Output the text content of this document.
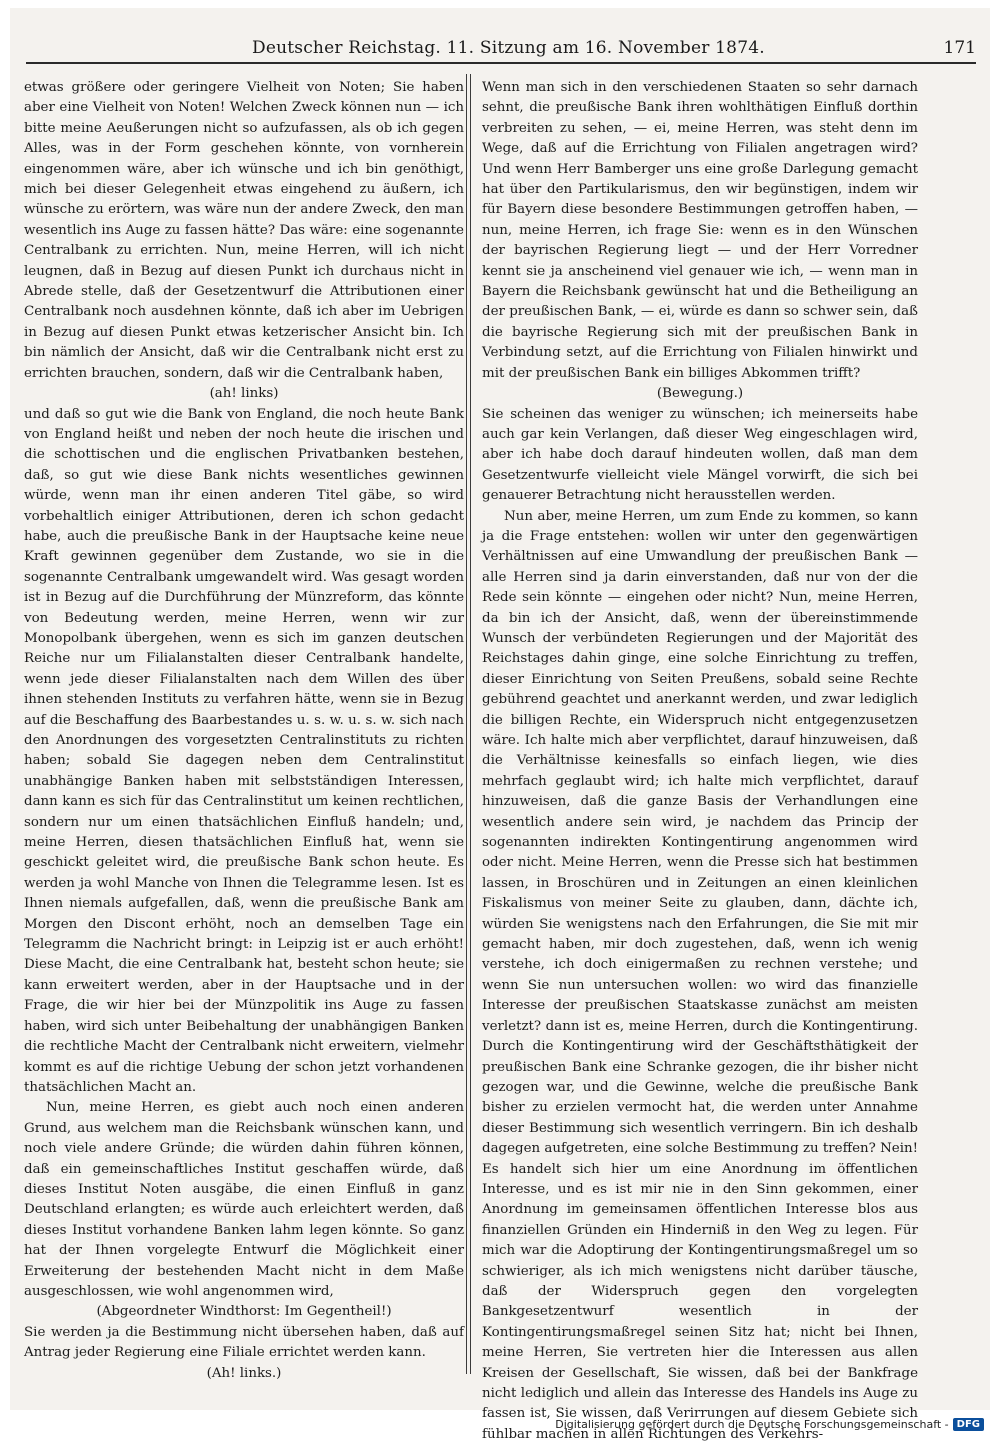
Deutscher Reichstag. 11. Sitzung am 16. November 1874.	171

etwas größere oder geringere Vielheit von Noten; Sie haben aber eine Vielheit von Noten! Welchen Zweck können nun — ich bitte meine Aeußerungen nicht so aufzufassen, als ob ich gegen Alles, was in der Form geschehen könnte, von vornherein eingenommen wäre, aber ich wünsche und ich bin genöthigt, mich bei dieser Gelegenheit etwas eingehend zu äußern, ich wünsche zu erörtern, was wäre nun der andere Zweck, den man wesentlich ins Auge zu fassen hätte? Das wäre: eine sogenannte Centralbank zu errichten. Nun, meine Herren, will ich nicht leugnen, daß in Bezug auf diesen Punkt ich durchaus nicht in Abrede stelle, daß der Gesetzentwurf die Attributionen einer Centralbank noch ausdehnen könnte, daß ich aber im Uebrigen in Bezug auf diesen Punkt etwas ketzerischer Ansicht bin. Ich bin nämlich der Ansicht, daß wir die Centralbank nicht erst zu errichten brauchen, sondern, daß wir die Centralbank haben,

(ah! links)

und daß so gut wie die Bank von England, die noch heute Bank von England heißt und neben der noch heute die irischen und die schottischen und die englischen Privatbanken bestehen, daß, so gut wie diese Bank nichts wesentliches gewinnen würde, wenn man ihr einen anderen Titel gäbe, so wird vorbehaltlich einiger Attributionen, deren ich schon gedacht habe, auch die preußische Bank in der Hauptsache keine neue Kraft gewinnen gegenüber dem Zustande, wo sie in die sogenannte Centralbank umgewandelt wird. Was gesagt worden ist in Bezug auf die Durchführung der Münzreform, das könnte von Bedeutung werden, meine Herren, wenn wir zur Monopolbank übergehen, wenn es sich im ganzen deutschen Reiche nur um Filialanstalten dieser Centralbank handelte, wenn jede dieser Filialanstalten nach dem Willen des über ihnen stehenden Instituts zu verfahren hätte, wenn sie in Bezug auf die Beschaffung des Baarbestandes u. s. w. u. s. w. sich nach den Anordnungen des vorgesetzten Centralinstituts zu richten haben; sobald Sie dagegen neben dem Centralinstitut unabhängige Banken haben mit selbstständigen Interessen, dann kann es sich für das Centralinstitut um keinen rechtlichen, sondern nur um einen thatsächlichen Einfluß handeln; und, meine Herren, diesen thatsächlichen Einfluß hat, wenn sie geschickt geleitet wird, die preußische Bank schon heute. Es werden ja wohl Manche von Ihnen die Telegramme lesen. Ist es Ihnen niemals aufgefallen, daß, wenn die preußische Bank am Morgen den Discont erhöht, noch an demselben Tage ein Telegramm die Nachricht bringt: in Leipzig ist er auch erhöht! Diese Macht, die eine Centralbank hat, besteht schon heute; sie kann erweitert werden, aber in der Hauptsache und in der Frage, die wir hier bei der Münzpolitik ins Auge zu fassen haben, wird sich unter Beibehaltung der unabhängigen Banken die rechtliche Macht der Centralbank nicht erweitern, vielmehr kommt es auf die richtige Uebung der schon jetzt vorhandenen thatsächlichen Macht an.

Nun, meine Herren, es giebt auch noch einen anderen Grund, aus welchem man die Reichsbank wünschen kann, und noch viele andere Gründe; die würden dahin führen können, daß ein gemeinschaftliches Institut geschaffen würde, daß dieses Institut Noten ausgäbe, die einen Einfluß in ganz Deutschland erlangten; es würde auch erleichtert werden, daß dieses Institut vorhandene Banken lahm legen könnte. So ganz hat der Ihnen vorgelegte Entwurf die Möglichkeit einer Erweiterung der bestehenden Macht nicht in dem Maße ausgeschlossen, wie wohl angenommen wird,

(Abgeordneter Windthorst: Im Gegentheil!)

Sie werden ja die Bestimmung nicht übersehen haben, daß auf Antrag jeder Regierung eine Filiale errichtet werden kann.

(Ah! links.)

Wenn man sich in den verschiedenen Staaten so sehr darnach sehnt, die preußische Bank ihren wohlthätigen Einfluß dorthin verbreiten zu sehen, — ei, meine Herren, was steht denn im Wege, daß auf die Errichtung von Filialen angetragen wird? Und wenn Herr Bamberger uns eine große Darlegung gemacht hat über den Partikularismus, den wir begünstigen, indem wir für Bayern diese besondere Bestimmungen getroffen haben, — nun, meine Herren, ich frage Sie: wenn es in den Wünschen der bayrischen Regierung liegt — und der Herr Vorredner kennt sie ja anscheinend viel genauer wie ich, — wenn man in Bayern die Reichsbank gewünscht hat und die Betheiligung an der preußischen Bank, — ei, würde es dann so schwer sein, daß die bayrische Regierung sich mit der preußischen Bank in Verbindung setzt, auf die Errichtung von Filialen hinwirkt und mit der preußischen Bank ein billiges Abkommen trifft?

(Bewegung.)

Sie scheinen das weniger zu wünschen; ich meinerseits habe auch gar kein Verlangen, daß dieser Weg eingeschlagen wird, aber ich habe doch darauf hindeuten wollen, daß man dem Gesetzentwurfe vielleicht viele Mängel vorwirft, die sich bei genauerer Betrachtung nicht herausstellen werden.

Nun aber, meine Herren, um zum Ende zu kommen, so kann ja die Frage entstehen: wollen wir unter den gegenwärtigen Verhältnissen auf eine Umwandlung der preußischen Bank — alle Herren sind ja darin einverstanden, daß nur von der die Rede sein könnte — eingehen oder nicht? Nun, meine Herren, da bin ich der Ansicht, daß, wenn der übereinstimmende Wunsch der verbündeten Regierungen und der Majorität des Reichstages dahin ginge, eine solche Einrichtung zu treffen, dieser Einrichtung von Seiten Preußens, sobald seine Rechte gebührend geachtet und anerkannt werden, und zwar lediglich die billigen Rechte, ein Widerspruch nicht entgegenzusetzen wäre. Ich halte mich aber verpflichtet, darauf hinzuweisen, daß die Verhältnisse keinesfalls so einfach liegen, wie dies mehrfach geglaubt wird; ich halte mich verpflichtet, darauf hinzuweisen, daß die ganze Basis der Verhandlungen eine wesentlich andere sein wird, je nachdem das Princip der sogenannten indirekten Kontingentirung angenommen wird oder nicht. Meine Herren, wenn die Presse sich hat bestimmen lassen, in Broschüren und in Zeitungen an einen kleinlichen Fiskalismus von meiner Seite zu glauben, dann, dächte ich, würden Sie wenigstens nach den Erfahrungen, die Sie mit mir gemacht haben, mir doch zugestehen, daß, wenn ich wenig verstehe, ich doch einigermaßen zu rechnen verstehe; und wenn Sie nun untersuchen wollen: wo wird das finanzielle Interesse der preußischen Staatskasse zunächst am meisten verletzt? dann ist es, meine Herren, durch die Kontingentirung. Durch die Kontingentirung wird der Geschäftsthätigkeit der preußischen Bank eine Schranke gezogen, die ihr bisher nicht gezogen war, und die Gewinne, welche die preußische Bank bisher zu erzielen vermocht hat, die werden unter Annahme dieser Bestimmung sich wesentlich verringern. Bin ich deshalb dagegen aufgetreten, eine solche Bestimmung zu treffen? Nein! Es handelt sich hier um eine Anordnung im öffentlichen Interesse, und es ist mir nie in den Sinn gekommen, einer Anordnung im gemeinsamen öffentlichen Interesse blos aus finanziellen Gründen ein Hinderniß in den Weg zu legen. Für mich war die Adoptirung der Kontingentirungsmaßregel um so schwieriger, als ich mich wenigstens nicht darüber täusche, daß der Widerspruch gegen den vorgelegten Bankgesetzentwurf wesentlich in der Kontingentirungsmaßregel seinen Sitz hat; nicht bei Ihnen, meine Herren, Sie vertreten hier die Interessen aus allen Kreisen der Gesellschaft, Sie wissen, daß bei der Bankfrage nicht lediglich und allein das Interesse des Handels ins Auge zu fassen ist, Sie wissen, daß Verirrungen auf diesem Gebiete sich fühlbar machen in allen Richtungen des Verkehrs-

Digitalisierung gefördert durch die Deutsche Forschungsgemeinschaft - DFG
